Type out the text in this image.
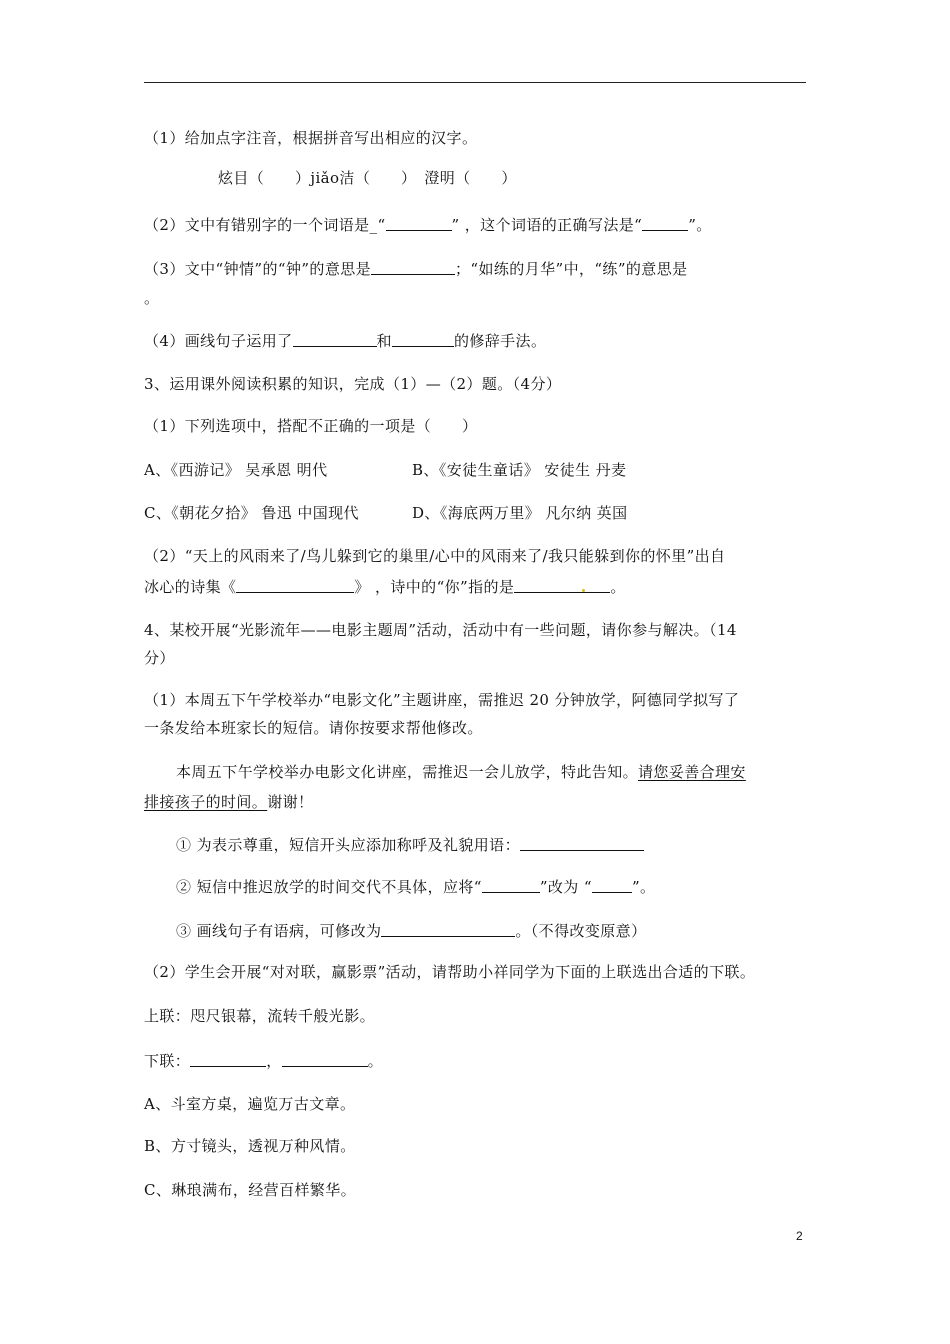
（1）给加点字注音，根据拼音写出相应的汉字。
炫目（　　）jiǎo洁（　　）　澄明（　　）
（2）文中有错别字的一个词语是_“	” ，这个词语的正确写法是“	”。
（3）文中“钟情”的“钟”的意思是	；“如练的月华”中，“练”的意思是
。
（4）画线句子运用了	和	的修辞手法。
3、运用课外阅读积累的知识，完成（1）—（2）题。（4分）
（1）下列选项中，搭配不正确的一项是（　　）
A、《西游记》 吴承恩 明代	B、《安徒生童话》 安徒生 丹麦
C、《朝花夕拾》 鲁迅 中国现代	D、《海底两万里》 凡尔纳 英国
（2）“天上的风雨来了/鸟儿躲到它的巢里/心中的风雨来了/我只能躲到你的怀里”出自
冰心的诗集《	》 ，诗中的“你”指的是	。
4、某校开展“光影流年——电影主题周”活动，活动中有一些问题，请你参与解决。（14
分）
（1）本周五下午学校举办“电影文化”主题讲座，需推迟 20 分钟放学，阿德同学拟写了
一条发给本班家长的短信。请你按要求帮他修改。
本周五下午学校举办电影文化讲座，需推迟一会儿放学，特此告知。请您妥善合理安
排接孩子的时间。谢谢！
① 为表示尊重，短信开头应添加称呼及礼貌用语：
② 短信中推迟放学的时间交代不具体，应将“	”改为 “	”。
③ 画线句子有语病，可修改为	。（不得改变原意）
（2）学生会开展“对对联，赢影票”活动，请帮助小祥同学为下面的上联选出合适的下联。
上联：咫尺银幕，流转千般光影。
下联：	，	。
A、斗室方桌，遍览万古文章。
B、方寸镜头，透视万种风情。
C、琳琅满布，经营百样繁华。
2
